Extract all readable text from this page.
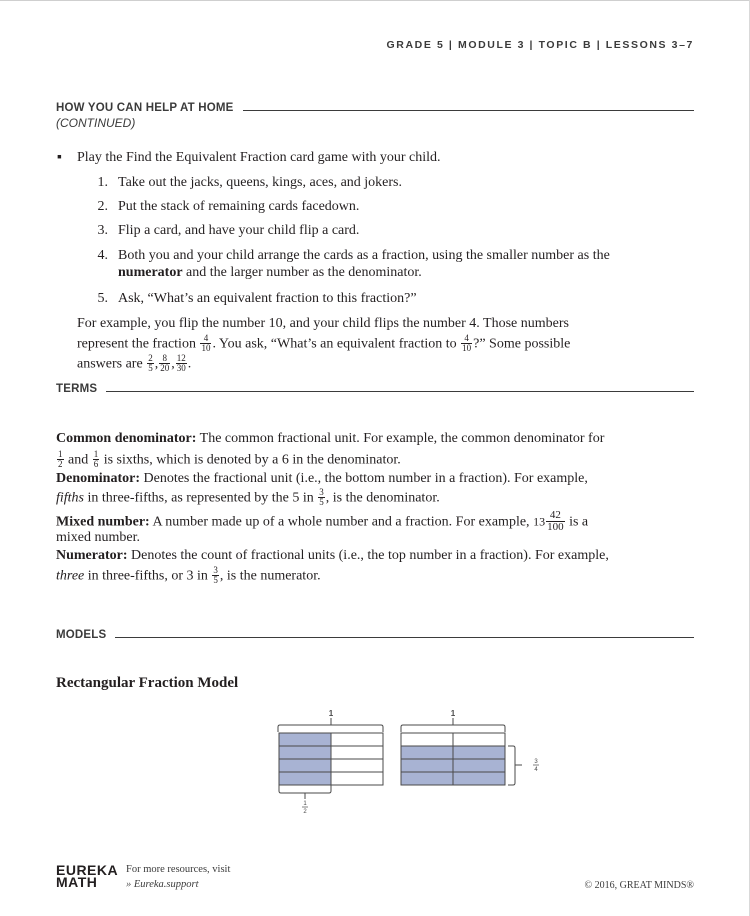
GRADE 5 | MODULE 3 | TOPIC B | LESSONS 3–7
HOW YOU CAN HELP AT HOME
(CONTINUED)
▪ Play the Find the Equivalent Fraction card game with your child.
1. Take out the jacks, queens, kings, aces, and jokers.
2. Put the stack of remaining cards facedown.
3. Flip a card, and have your child flip a card.
4. Both you and your child arrange the cards as a fraction, using the smaller number as the
numerator and the larger number as the denominator.
5. Ask, “What’s an equivalent fraction to this fraction?”
For example, you flip the number 10, and your child flips the number 4. Those numbers
represent the fraction $\frac{4}{10}$ . You ask, “What’s an equivalent fraction to $\frac{4}{10}$ ?” Some possible
answers are $\frac{2}{5}$ , $\frac{8}{20}$ , $\frac{12}{30}$ .
TERMS
Common denominator: The common fractional unit. For example, the common denominator for
$\frac{1}{2}$ and $\frac{1}{6}$ is sixths, which is denoted by a 6 in the denominator.
Denominator: Denotes the fractional unit (i.e., the bottom number in a fraction). For example,
fifths in three-fifths, as represented by the 5 in $\frac{3}{5}$ , is the denominator.
Mixed number: A number made up of a whole number and a fraction. For example, $13 \frac{42}{100}$ is a
mixed number.
Numerator: Denotes the count of fractional units (i.e., the top number in a fraction). For example,
three in three-fifths, or 3 in $\frac{3}{5}$ , is the numerator.
MODELS
Rectangular Fraction Model
1
1
2
1
3
4
EUREKA
MATH
For more resources, visit
» Eureka.support	© 2016, GREAT MINDS®
